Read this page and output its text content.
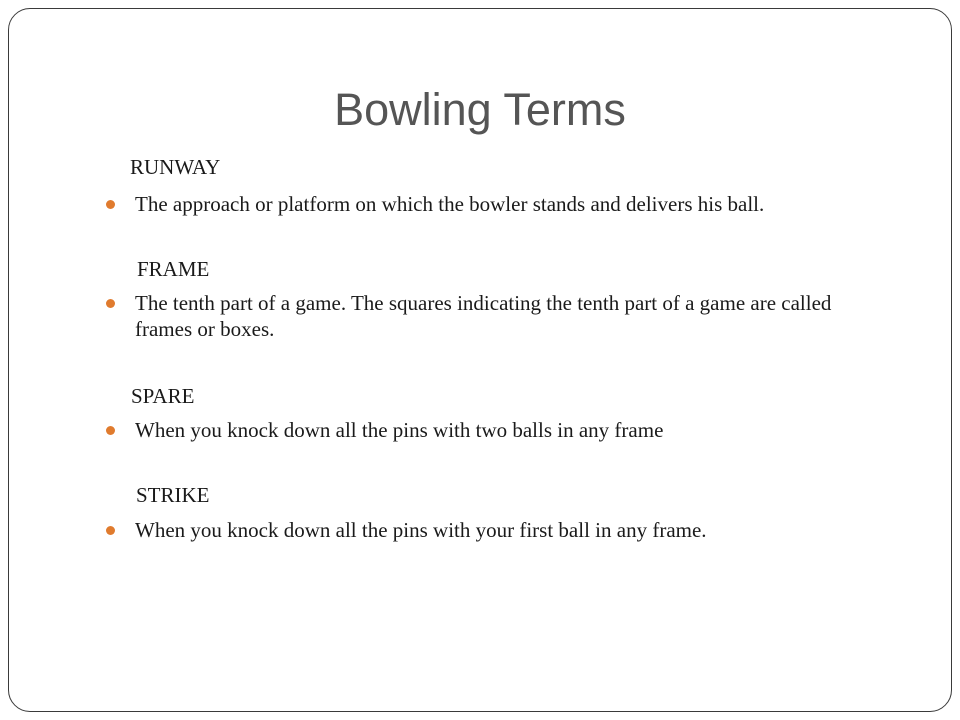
Bowling Terms
RUNWAY
The approach or platform on which the bowler stands and delivers his ball.
FRAME
The tenth part of a game. The squares indicating the tenth part of a game are called frames or boxes.
SPARE
When you knock down all the pins with two balls in any frame
STRIKE
When you knock down all the pins with your first ball in any frame.
